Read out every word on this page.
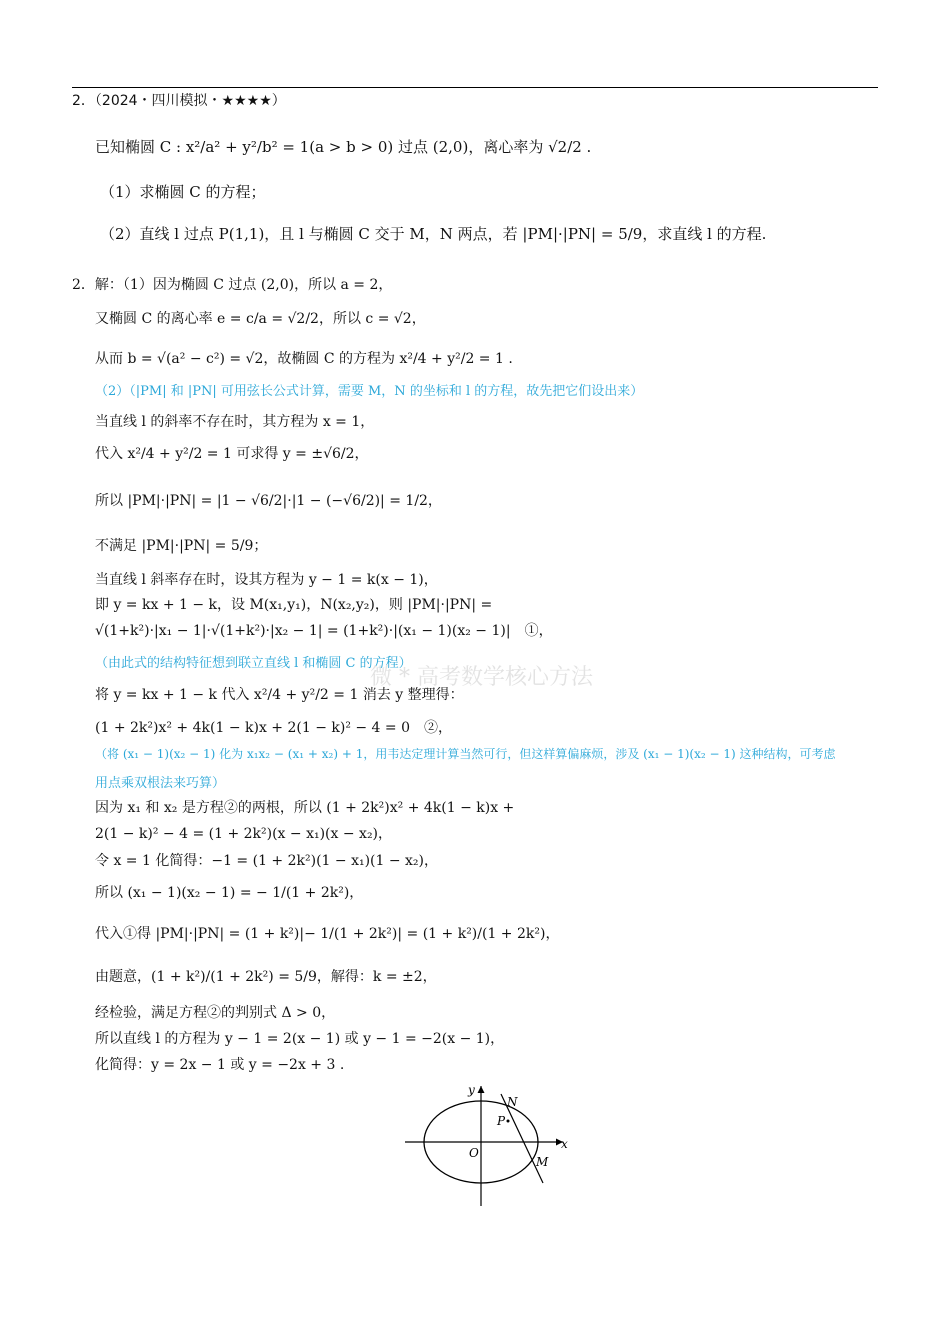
2．（2024・四川模拟・★★★★）
已知椭圆 C : x²/a² + y²/b² = 1(a > b > 0) 过点 (2,0)，离心率为 √2/2 .
（1）求椭圆 C 的方程；
（2）直线 l 过点 P(1,1)，且 l 与椭圆 C 交于 M，N 两点，若 |PM|·|PN| = 5/9，求直线 l 的方程.
2．解：（1）因为椭圆 C 过点 (2,0)，所以 a = 2，
又椭圆 C 的离心率 e = c/a = √2/2，所以 c = √2，
从而 b = √(a² − c²) = √2，故椭圆 C 的方程为 x²/4 + y²/2 = 1 .
（2）（|PM| 和 |PN| 可用弦长公式计算，需要 M，N 的坐标和 l 的方程，故先把它们设出来）
当直线 l 的斜率不存在时，其方程为 x = 1，
代入 x²/4 + y²/2 = 1 可求得 y = ±√6/2，
所以 |PM|·|PN| = |1 − √6/2|·|1 − (−√6/2)| = 1/2，
不满足 |PM|·|PN| = 5/9；
当直线 l 斜率存在时，设其方程为 y − 1 = k(x − 1)，
即 y = kx + 1 − k，设 M(x₁,y₁)，N(x₂,y₂)，则 |PM|·|PN| =
√(1+k²)·|x₁ − 1|·√(1+k²)·|x₂ − 1| = (1+k²)·|(x₁ − 1)(x₂ − 1)|　①，
（由此式的结构特征想到联立直线 l 和椭圆 C 的方程）
微 * 高考数学核心方法
将 y = kx + 1 − k 代入 x²/4 + y²/2 = 1 消去 y 整理得：
(1 + 2k²)x² + 4k(1 − k)x + 2(1 − k)² − 4 = 0　②，
（将 (x₁ − 1)(x₂ − 1) 化为 x₁x₂ − (x₁ + x₂) + 1，用韦达定理计算当然可行，但这样算偏麻烦，涉及 (x₁ − 1)(x₂ − 1) 这种结构，可考虑
用点乘双根法来巧算）
因为 x₁ 和 x₂ 是方程②的两根，所以 (1 + 2k²)x² + 4k(1 − k)x +
2(1 − k)² − 4 = (1 + 2k²)(x − x₁)(x − x₂)，
令 x = 1 化简得：−1 = (1 + 2k²)(1 − x₁)(1 − x₂)，
所以 (x₁ − 1)(x₂ − 1) = − 1/(1 + 2k²)，
代入①得 |PM|·|PN| = (1 + k²)|− 1/(1 + 2k²)| = (1 + k²)/(1 + 2k²)，
由题意，(1 + k²)/(1 + 2k²) = 5/9，解得：k = ±2，
经检验，满足方程②的判别式 Δ > 0，
所以直线 l 的方程为 y − 1 = 2(x − 1) 或 y − 1 = −2(x − 1)，
化简得：y = 2x − 1 或 y = −2x + 3 .
y
x
O
N
P
M
